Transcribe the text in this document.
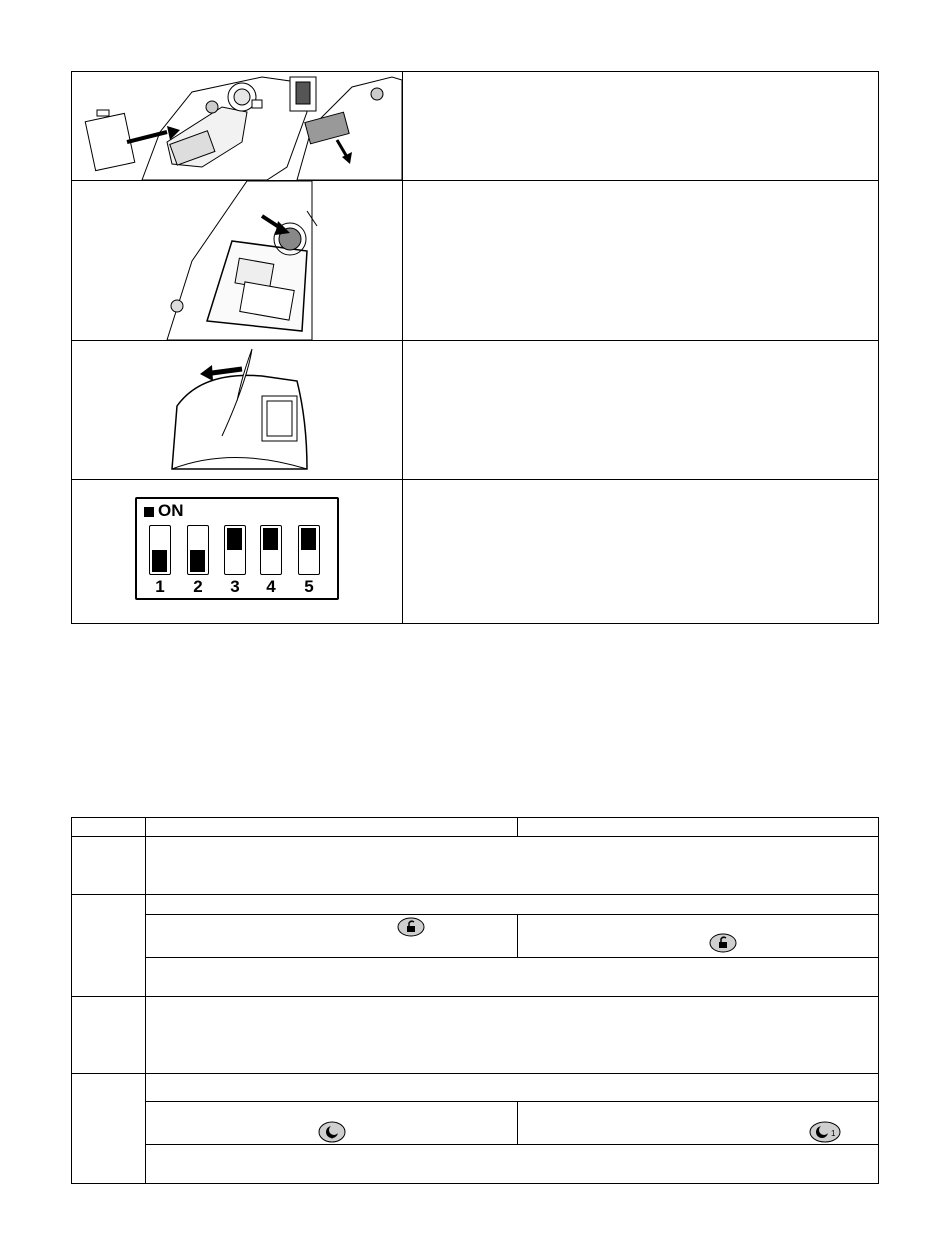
ON
1	2	3	4	5
1
